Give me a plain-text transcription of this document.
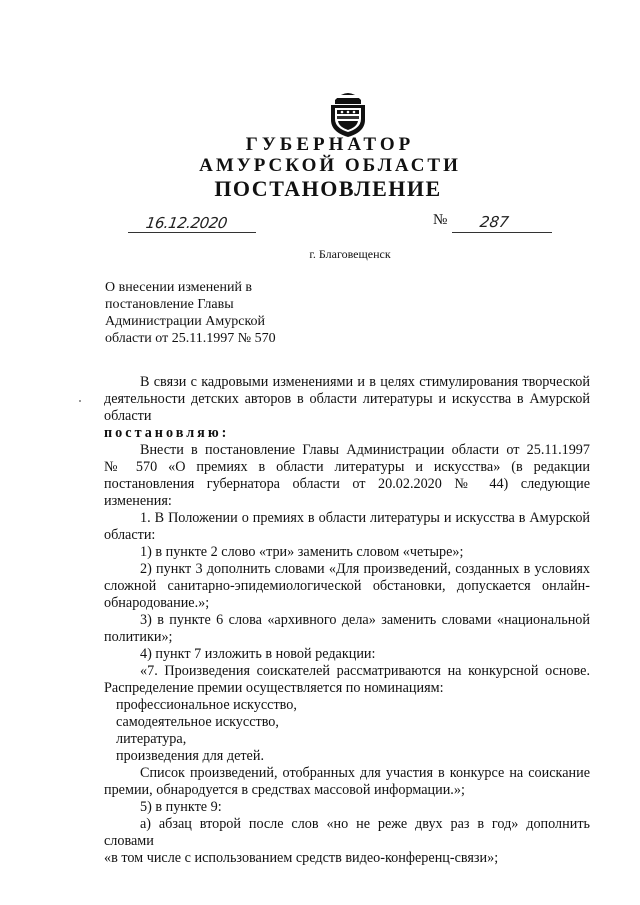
ГУБЕРНАТОР
АМУРСКОЙ ОБЛАСТИ
ПОСТАНОВЛЕНИЕ
16.12.2020	№ 287
г. Благовещенск
О внесении изменений в
постановление Главы
Администрации Амурской
области от 25.11.1997 № 570

В связи с кадровыми изменениями и в целях стимулирования творческой

деятельности детских авторов в области литературы и искусства в Амурской

области

постановляю:

Внести в постановление Главы Администрации области от 25.11.1997

№ 570 «О премиях в области литературы и искусства» (в редакции

постановления губернатора области от 20.02.2020 № 44) следующие

изменения:

1. В Положении о премиях в области литературы и искусства в Амурской

области:

1) в пункте 2 слово «три» заменить словом «четыре»;

2) пункт 3 дополнить словами «Для произведений, созданных в условиях

сложной санитарно-эпидемиологической обстановки, допускается онлайн-

обнародование.»;

3) в пункте 6 слова «архивного дела» заменить словами «национальной

политики»;

4) пункт 7 изложить в новой редакции:

«7. Произведения соискателей рассматриваются на конкурсной основе.

Распределение премии осуществляется по номинациям:

профессиональное искусство,

самодеятельное искусство,

литература,

произведения для детей.

Список произведений, отобранных для участия в конкурсе на соискание

премии, обнародуется в средствах массовой информации.»;

5) в пункте 9:

а) абзац второй после слов «но не реже двух раз в год» дополнить словами

«в том числе с использованием средств видео-конференц-связи»;
